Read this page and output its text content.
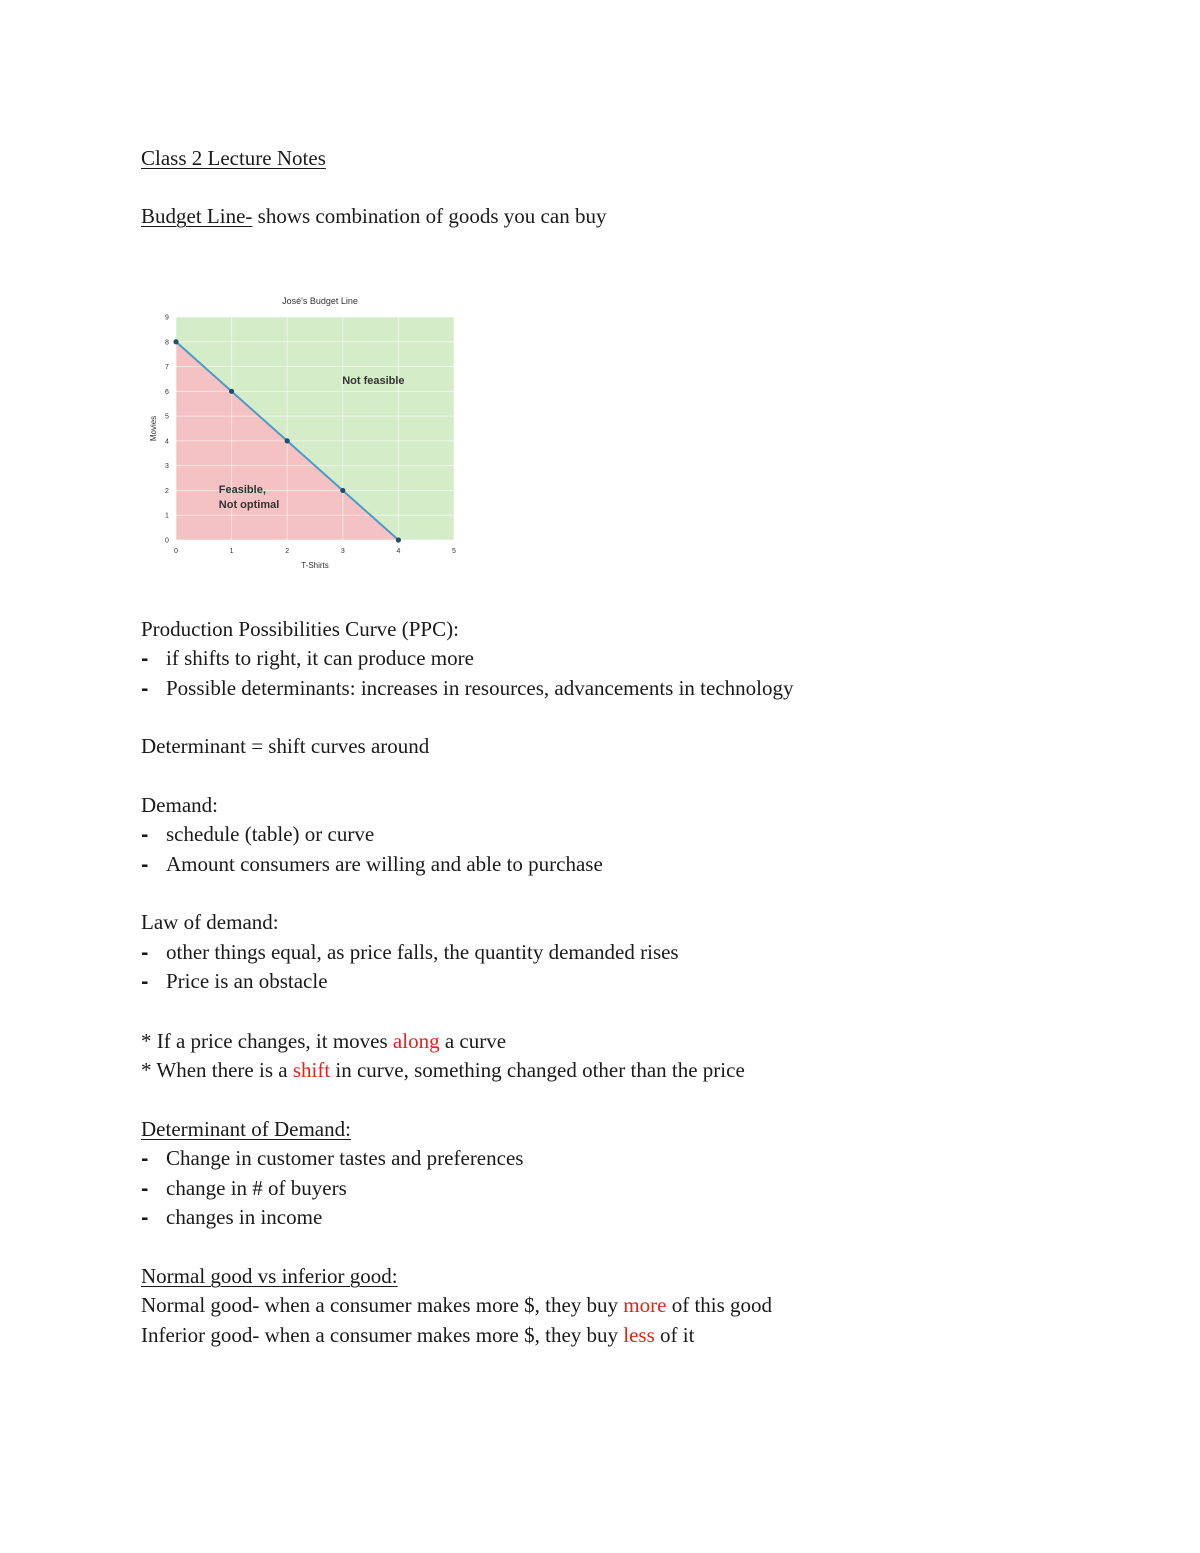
Class 2 Lecture Notes
Budget Line- shows combination of goods you can buy
0	1	2	3	4	5
0
1
2
3
4
5
6
7
8
9
José's Budget Line
T-Shirts
Movies
Not feasible
Feasible,
Not optimal
Production Possibilities Curve (PPC):
- if shifts to right, it can produce more
- Possible determinants: increases in resources, advancements in technology
Determinant = shift curves around
Demand:
- schedule (table) or curve
- Amount consumers are willing and able to purchase
Law of demand:
- other things equal, as price falls, the quantity demanded rises
- Price is an obstacle
* If a price changes, it moves along a curve
* When there is a shift in curve, something changed other than the price
Determinant of Demand:
- Change in customer tastes and preferences
- change in # of buyers
- changes in income
Normal good vs inferior good:
Normal good- when a consumer makes more $, they buy more of this good
Inferior good- when a consumer makes more $, they buy less of it
